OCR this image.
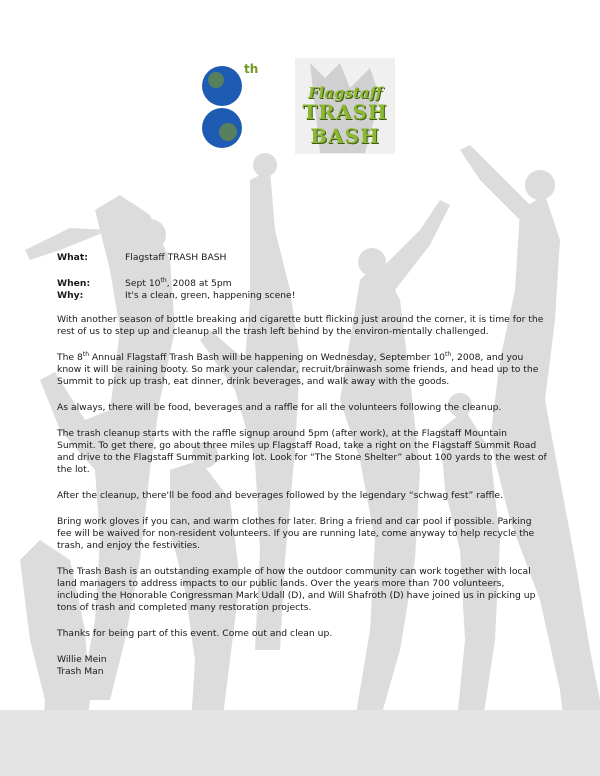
th
Flagstaff
TRASH
BASH
What:	Flagstaff TRASH BASH
When:	Sept 10th, 2008 at 5pm
Why:	It's a clean, green, happening scene!

With another season of bottle breaking and cigarette butt flicking just around the corner, it is time for the rest of us to step up and cleanup all the trash left behind by the environ-mentally challenged.

The 8th Annual Flagstaff Trash Bash will be happening on Wednesday, September 10th, 2008, and you know it will be raining booty. So mark your calendar, recruit/brainwash some friends, and head up to the Summit to pick up trash, eat dinner, drink beverages, and walk away with the goods.

As always, there will be food, beverages and a raffle for all the volunteers following the cleanup.

The trash cleanup starts with the raffle signup around 5pm (after work), at the Flagstaff Mountain Summit. To get there, go about three miles up Flagstaff Road, take a right on the Flagstaff Summit Road and drive to the Flagstaff Summit parking lot. Look for “The Stone Shelter” about 100 yards to the west of the lot.

After the cleanup, there'll be food and beverages followed by the legendary “schwag fest” raffle.

Bring work gloves if you can, and warm clothes for later. Bring a friend and car pool if possible. Parking fee will be waived for non-resident volunteers. If you are running late, come anyway to help recycle the trash, and enjoy the festivities.

The Trash Bash is an outstanding example of how the outdoor community can work together with local land managers to address impacts to our public lands. Over the years more than 700 volunteers, including the Honorable Congressman Mark Udall (D), and Will Shafroth (D) have joined us in picking up tons of trash and completed many restoration projects.

Thanks for being part of this event. Come out and clean up.

Willie Mein
Trash Man
